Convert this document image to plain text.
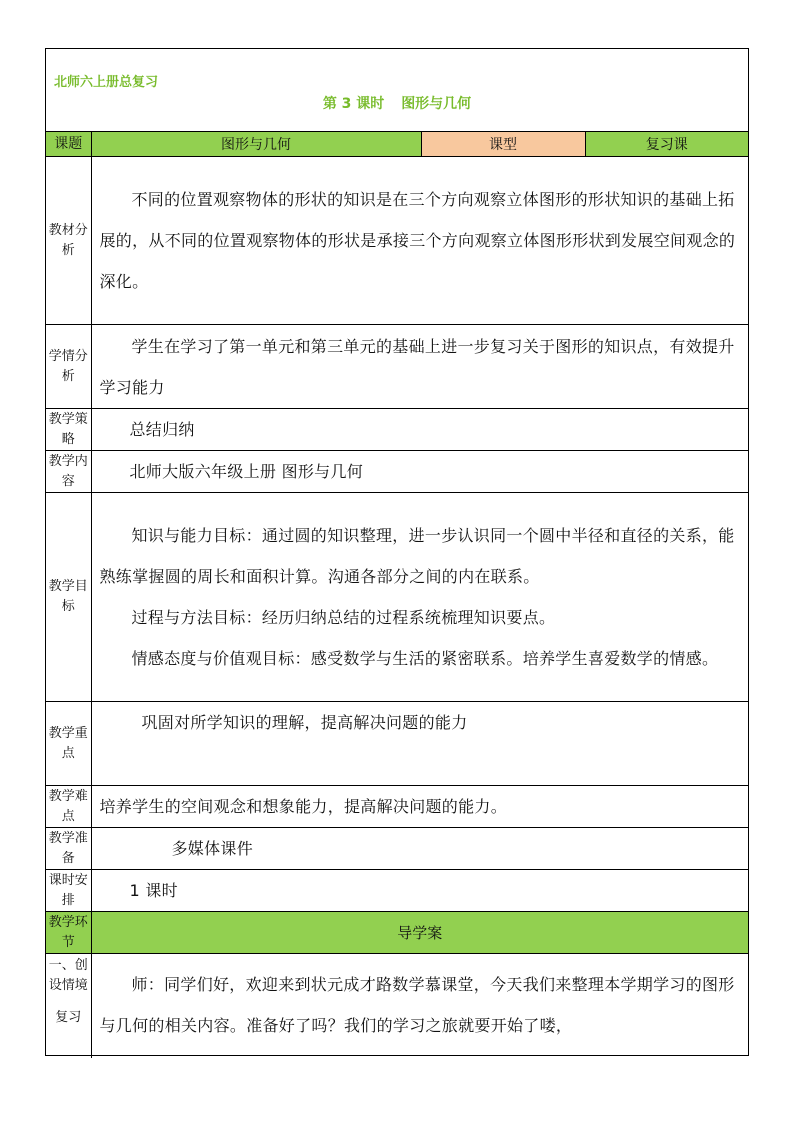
北师六上册总复习
第 3 课时 图形与几何
课题	图形与几何	课型	复习课
教材分析	不同的位置观察物体的形状的知识是在三个方向观察立体图形的形状知识的基础上拓展的，从不同的位置观察物体的形状是承接三个方向观察立体图形形状到发展空间观念的深化。		

学情分析	学生在学习了第一单元和第三单元的基础上进一步复习关于图形的知识点，有效提升学习能力		

教学策略	总结归纳		
教学内容	北师大版六年级上册 图形与几何		
教学目标	知识与能力目标：通过圆的知识整理，进一步认识同一个圆中半径和直径的关系，能熟练掌握圆的周长和面积计算。沟通各部分之间的内在联系。

过程与方法目标：经历归纳总结的过程系统梳理知识要点。

情感态度与价值观目标：感受数学与生活的紧密联系。培养学生喜爱数学的情感。		

教学重点	巩固对所学知识的理解，提高解决问题的能力		
教学难点	培养学生的空间观念和想象能力，提高解决问题的能力。		
教学准备	多媒体课件		
课时安排	1 课时		
教学环节	导学案		

一、创设情境
复习	师：同学们好，欢迎来到状元成才路数学慕课堂，今天我们来整理本学期学习的图形与几何的相关内容。准备好了吗？我们的学习之旅就要开始了喽，		
